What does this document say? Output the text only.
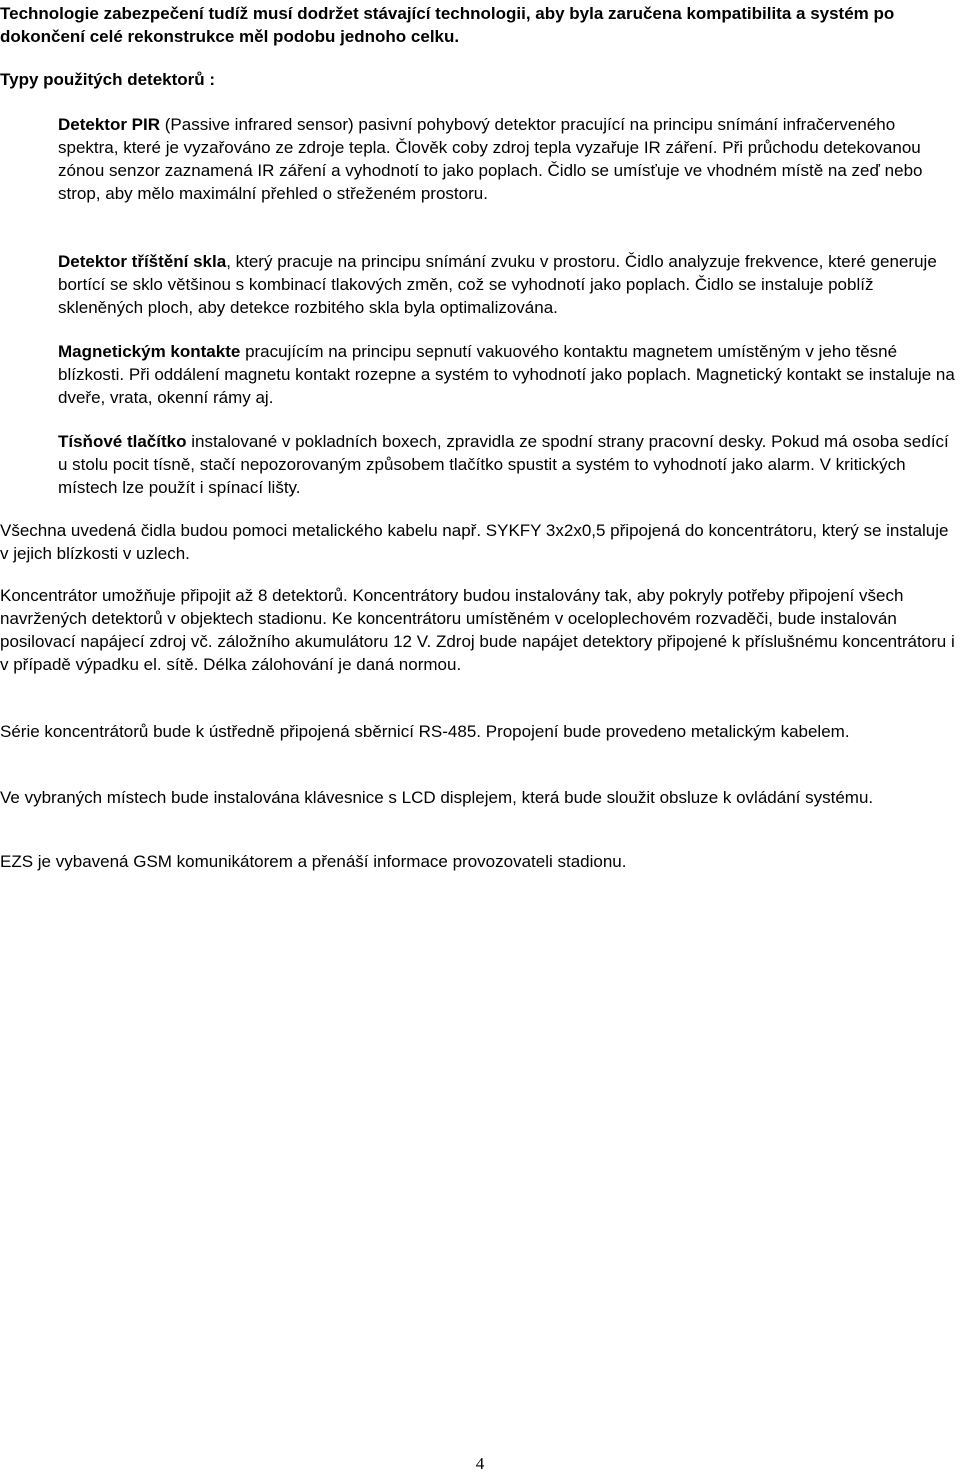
Technologie zabezpečení tudíž musí dodržet stávající technologii, aby byla zaručena kompatibilita a systém po dokončení celé rekonstrukce měl podobu jednoho celku.

Typy použitých detektorů :

Detektor PIR (Passive infrared sensor) pasivní pohybový detektor pracující na principu snímání infračerveného spektra, které je vyzařováno ze zdroje tepla. Člověk coby zdroj tepla vyzařuje IR záření. Při průchodu detekovanou zónou senzor zaznamená IR záření a vyhodnotí to jako poplach. Čidlo se umísťuje ve vhodném místě na zeď nebo strop, aby mělo maximální přehled o střeženém prostoru.

Detektor tříštění skla, který pracuje na principu snímání zvuku v prostoru. Čidlo analyzuje frekvence, které generuje bortící se sklo většinou s kombinací tlakových změn, což se vyhodnotí jako poplach. Čidlo se instaluje poblíž skleněných ploch, aby detekce rozbitého skla byla optimalizována.

Magnetickým kontakte pracujícím na principu sepnutí vakuového kontaktu magnetem umístěným v jeho těsné blízkosti. Při oddálení magnetu kontakt rozepne a systém to vyhodnotí jako poplach. Magnetický kontakt se instaluje na dveře, vrata, okenní rámy aj.

Tísňové tlačítko instalované v pokladních boxech, zpravidla ze spodní strany pracovní desky. Pokud má osoba sedící u stolu pocit tísně, stačí nepozorovaným způsobem tlačítko spustit a systém to vyhodnotí jako alarm. V kritických místech lze použít i spínací lišty.

Všechna uvedená čidla budou pomoci metalického kabelu např. SYKFY 3x2x0,5 připojená do koncentrátoru, který se instaluje v jejich blízkosti v uzlech.

Koncentrátor umožňuje připojit až 8 detektorů. Koncentrátory budou instalovány tak, aby pokryly potřeby připojení všech navržených detektorů v objektech stadionu. Ke koncentrátoru umístěném v oceloplechovém rozvaděči, bude instalován posilovací napájecí zdroj vč. záložního akumulátoru 12 V. Zdroj bude napájet detektory připojené k příslušnému koncentrátoru i v případě výpadku el. sítě. Délka zálohování je daná normou.

Série koncentrátorů bude k ústředně připojená sběrnicí RS-485. Propojení bude provedeno metalickým kabelem.

Ve vybraných místech bude instalována klávesnice s LCD displejem, která bude sloužit obsluze k ovládání systému.

EZS je vybavená GSM komunikátorem a přenáší informace provozovateli stadionu.

4
